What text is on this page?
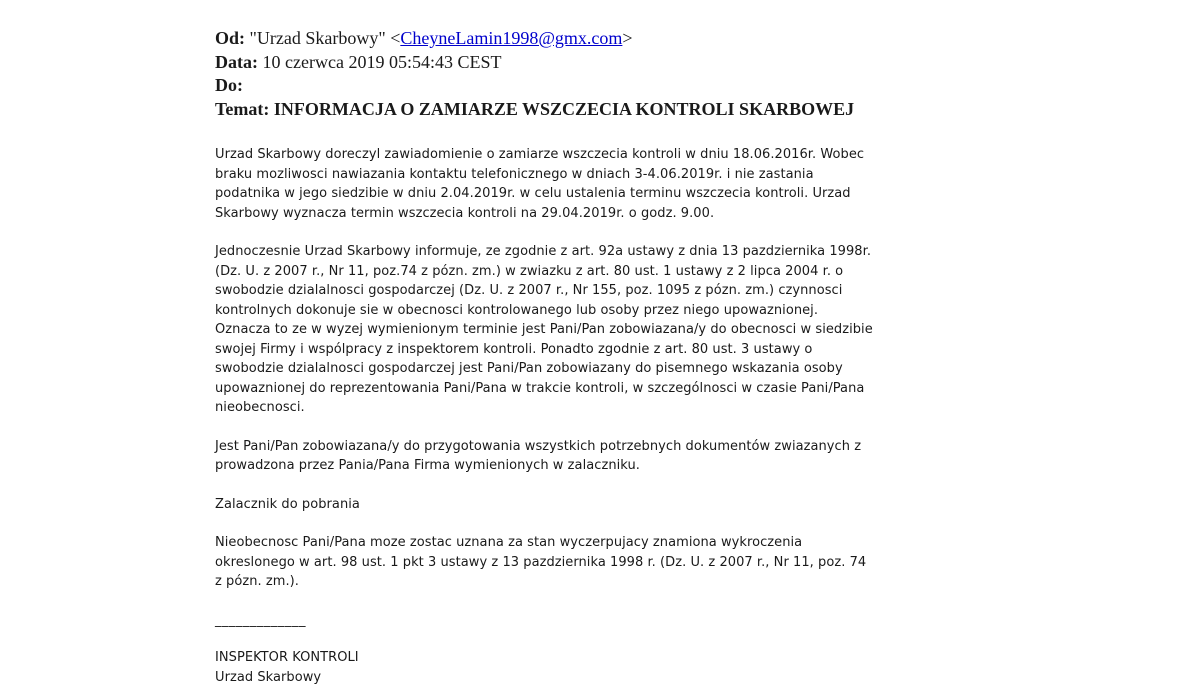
Od: "Urzad Skarbowy" <CheyneLamin1998@gmx.com>
Data: 10 czerwca 2019 05:54:43 CEST
Do:
Temat: INFORMACJA O ZAMIARZE WSZCZECIA KONTROLI SKARBOWEJ
Urzad Skarbowy doreczyl zawiadomienie o zamiarze wszczecia kontroli w dniu 18.06.2016r. Wobec
braku mozliwosci nawiazania kontaktu telefonicznego w dniach 3-4.06.2019r. i nie zastania
podatnika w jego siedzibie w dniu 2.04.2019r. w celu ustalenia terminu wszczecia kontroli. Urzad
Skarbowy wyznacza termin wszczecia kontroli na 29.04.2019r. o godz. 9.00.
Jednoczesnie Urzad Skarbowy informuje, ze zgodnie z art. 92a ustawy z dnia 13 pazdziernika 1998r.
(Dz. U. z 2007 r., Nr 11, poz.74 z pózn. zm.) w zwiazku z art. 80 ust. 1 ustawy z 2 lipca 2004 r. o
swobodzie dzialalnosci gospodarczej (Dz. U. z 2007 r., Nr 155, poz. 1095 z pózn. zm.) czynnosci
kontrolnych dokonuje sie w obecnosci kontrolowanego lub osoby przez niego upowaznionej.
Oznacza to ze w wyzej wymienionym terminie jest Pani/Pan zobowiazana/y do obecnosci w siedzibie
swojej Firmy i wspólpracy z inspektorem kontroli. Ponadto zgodnie z art. 80 ust. 3 ustawy o
swobodzie dzialalnosci gospodarczej jest Pani/Pan zobowiazany do pisemnego wskazania osoby
upowaznionej do reprezentowania Pani/Pana w trakcie kontroli, w szczególnosci w czasie Pani/Pana
nieobecnosci.
Jest Pani/Pan zobowiazana/y do przygotowania wszystkich potrzebnych dokumentów zwiazanych z
prowadzona przez Pania/Pana Firma wymienionych w zalaczniku.
Zalacznik do pobrania
Nieobecnosc Pani/Pana moze zostac uznana za stan wyczerpujacy znamiona wykroczenia
okreslonego w art. 98 ust. 1 pkt 3 ustawy z 13 pazdziernika 1998 r. (Dz. U. z 2007 r., Nr 11, poz. 74
z pózn. zm.).
_____________
INSPEKTOR KONTROLI
Urzad Skarbowy
